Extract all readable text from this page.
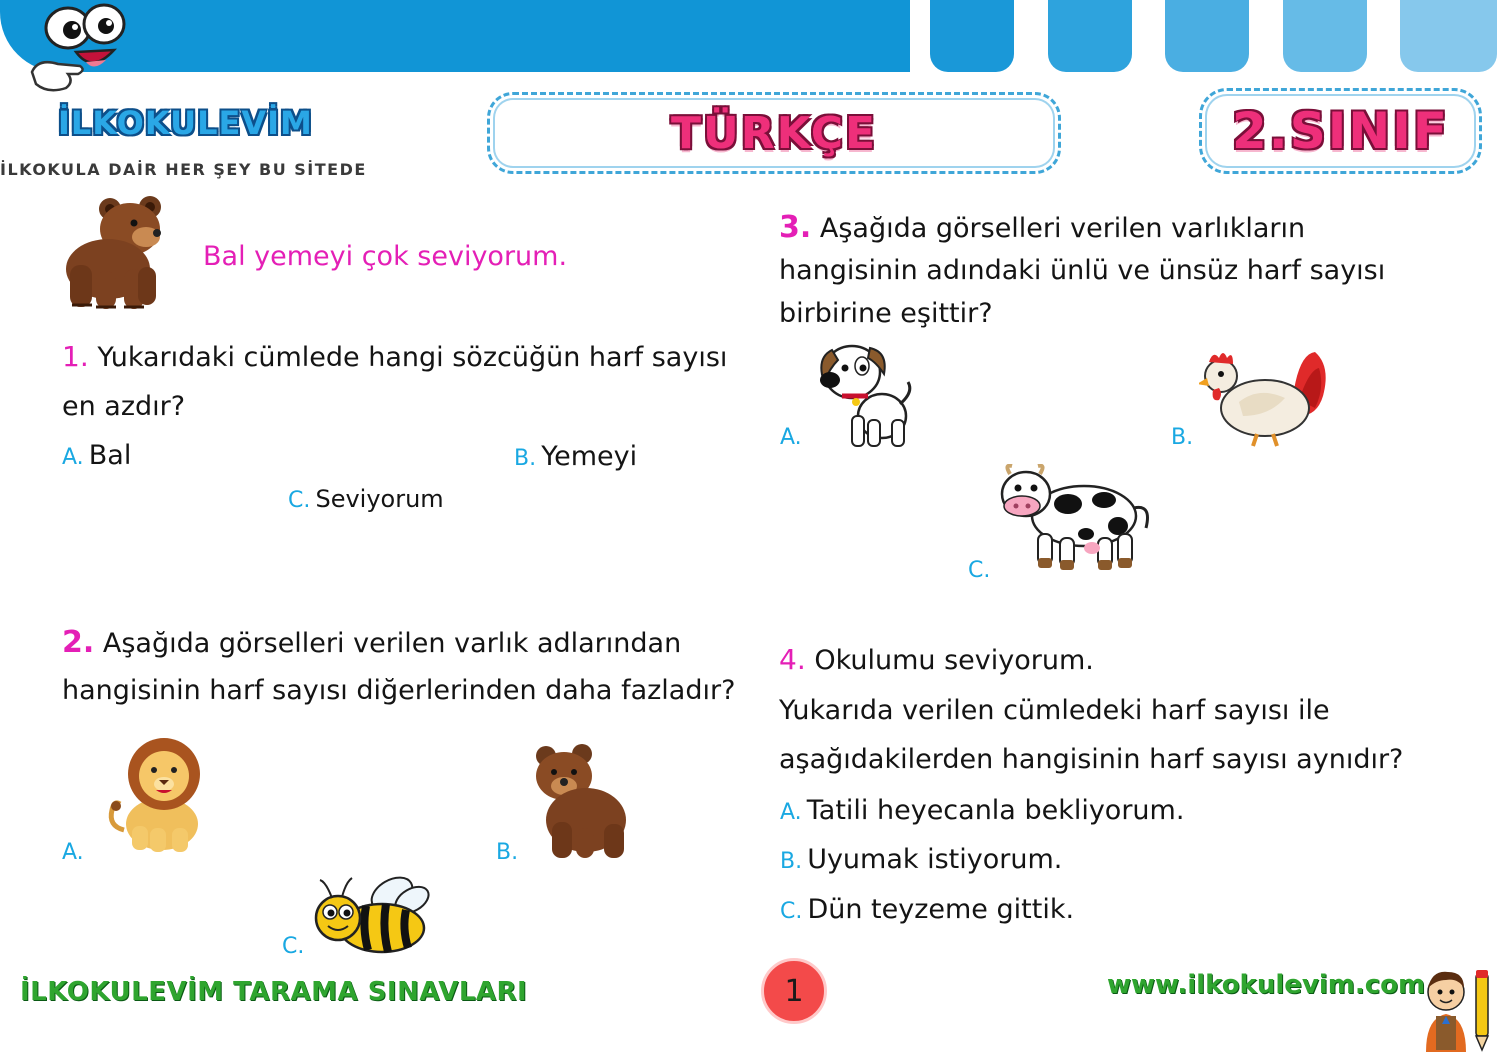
İLKOKULEVİM
İLKOKULA DAİR HER ŞEY BU SİTEDE
TÜRKÇE	2.SINIF
Bal yemeyi çok seviyorum.
1. Yukarıdaki cümlede hangi sözcüğün harf sayısı
en azdır?
A. Bal	B. Yemeyi
C. Seviyorum
2. Aşağıda görselleri verilen varlık adlarından
hangisinin harf sayısı diğerlerinden daha fazladır?
A.	B.
C.
3. Aşağıda görselleri verilen varlıkların
hangisinin adındaki ünlü ve ünsüz harf sayısı
birbirine eşittir?
A.	B.
C.
4. Okulumu seviyorum.
Yukarıda verilen cümledeki harf sayısı ile
aşağıdakilerden hangisinin harf sayısı aynıdır?
A. Tatili heyecanla bekliyorum.
B. Uyumak istiyorum.
C. Dün teyzeme gittik.
İLKOKULEVİM TARAMA SINAVLARI	1	www.ilkokulevim.com
